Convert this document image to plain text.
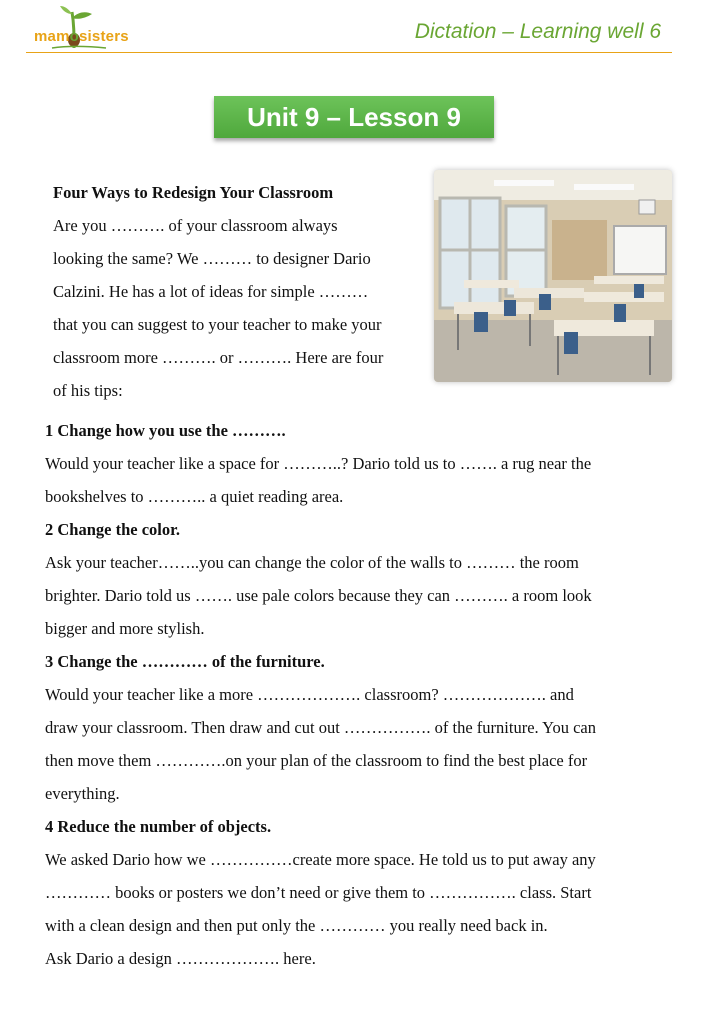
mamosisters	Dictation – Learning well 6
Unit 9 – Lesson 9
Four Ways to Redesign Your Classroom
Are you ………. of your classroom always
looking the same? We ……… to designer Dario
Calzini. He has a lot of ideas for simple ………
that you can suggest to your teacher to make your
classroom more ………. or ………. Here are four
of his tips:
1 Change how you use the ……….
Would your teacher like a space for ………..? Dario told us to ……. a rug near the
bookshelves to ……….. a quiet reading area.
2 Change the color.
Ask your teacher……..you can change the color of the walls to ……… the room
brighter. Dario told us ……. use pale colors because they can ………. a room look
bigger and more stylish.
3 Change the ………… of the furniture.
Would your teacher like a more ………………. classroom? ………………. and
draw your classroom. Then draw and cut out ……………. of the furniture. You can
then move them ………….on your plan of the classroom to find the best place for
everything.
4 Reduce the number of objects.
We asked Dario how we ……………create more space. He told us to put away any
………… books or posters we don’t need or give them to ……………. class. Start
with a clean design and then put only the ………… you really need back in.
Ask Dario a design ………………. here.
